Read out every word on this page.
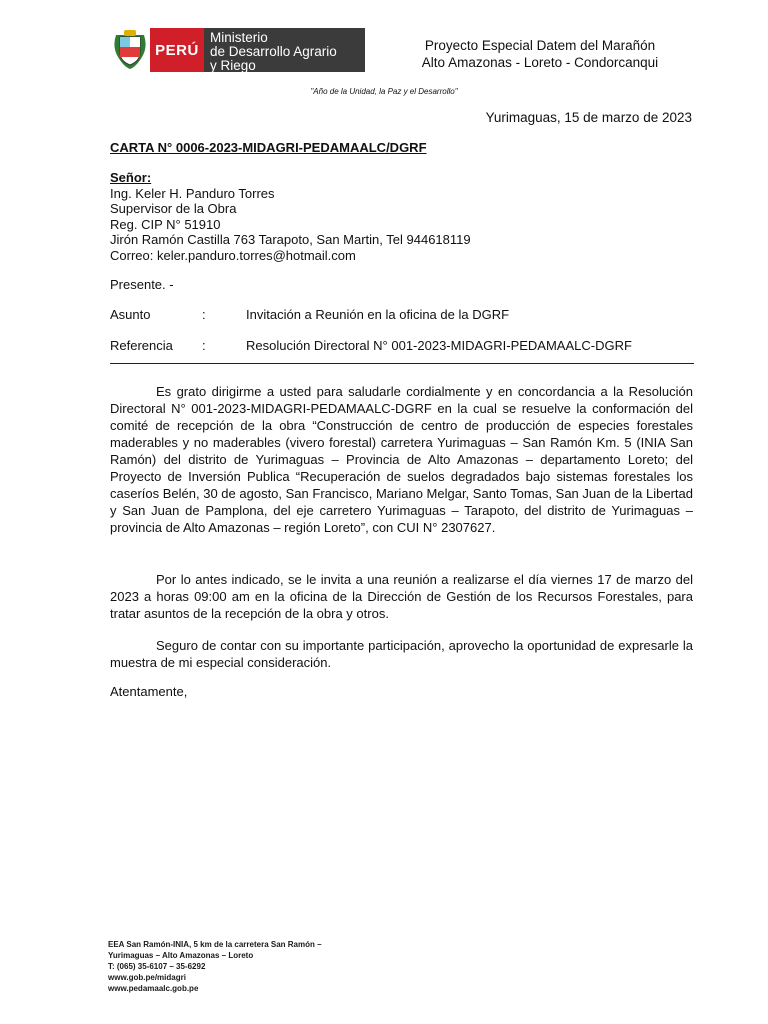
PERÚ
Ministerio
de Desarrollo Agrario
y Riego
Proyecto Especial Datem del Marañón
Alto Amazonas - Loreto - Condorcanqui
"Año de la Unidad, la Paz y el Desarrollo"
Yurimaguas, 15 de marzo de 2023
CARTA N° 0006-2023-MIDAGRI-PEDAMAALC/DGRF
Señor:
Ing. Keler H. Panduro Torres
Supervisor de la Obra
Reg. CIP N° 51910
Jirón Ramón Castilla 763 Tarapoto, San Martin, Tel 944618119
Correo: keler.panduro.torres@hotmail.com
Presente. -
Asunto	:	Invitación a Reunión en la oficina de la DGRF
Referencia :	Resolución Directoral N° 001-2023-MIDAGRI-PEDAMAALC-DGRF
Es grato dirigirme a usted para saludarle cordialmente y en concordancia a la Resolución Directoral N° 001-2023-MIDAGRI-PEDAMAALC-DGRF en la cual se resuelve la conformación del comité de recepción de la obra “Construcción de centro de producción de especies forestales maderables y no maderables (vivero forestal) carretera Yurimaguas – San Ramón Km. 5 (INIA San Ramón) del distrito de Yurimaguas – Provincia de Alto Amazonas – departamento Loreto; del Proyecto de Inversión Publica “Recuperación de suelos degradados bajo sistemas forestales los caseríos Belén, 30 de agosto, San Francisco, Mariano Melgar, Santo Tomas, San Juan de la Libertad y San Juan de Pamplona, del eje carretero Yurimaguas – Tarapoto, del distrito de Yurimaguas – provincia de Alto Amazonas – región Loreto”, con CUI N° 2307627.
Por lo antes indicado, se le invita a una reunión a realizarse el día viernes 17 de marzo del 2023 a horas 09:00 am en la oficina de la Dirección de Gestión de los Recursos Forestales, para tratar asuntos de la recepción de la obra y otros.
Seguro de contar con su importante participación, aprovecho la oportunidad de expresarle la muestra de mi especial consideración.
Atentamente,
EEA San Ramón-INIA, 5 km de la carretera San Ramón –
Yurimaguas – Alto Amazonas – Loreto
T: (065) 35-6107 – 35-6292
www.gob.pe/midagri
www.pedamaalc.gob.pe
